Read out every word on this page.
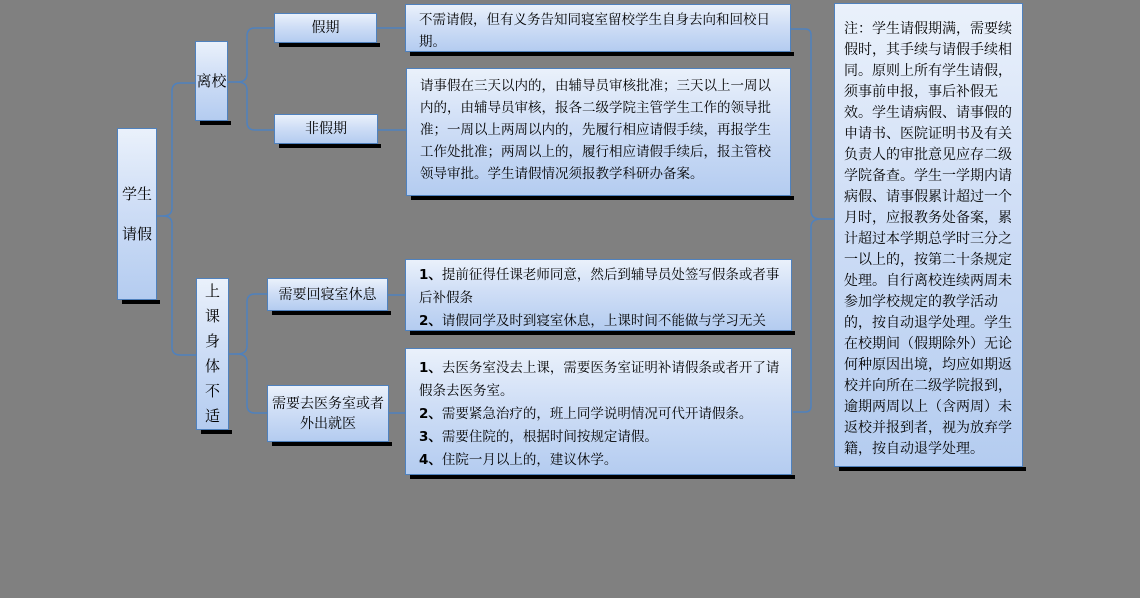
学生请假
离校
上课身体不适
假期
非假期
需要回寝室休息
需要去医务室或者外出就医
不需请假，但有义务告知同寝室留校学生自身去向和回校日期。
请事假在三天以内的，由辅导员审核批准；三天以上一周以内的，由辅导员审核，报各二级学院主管学生工作的领导批准；一周以上两周以内的，先履行相应请假手续，再报学生工作处批准；两周以上的，履行相应请假手续后，报主管校领导审批。学生请假情况须报教学科研办备案。
1、提前征得任课老师同意，然后到辅导员处签写假条或者事后补假条
2、请假同学及时到寝室休息，上课时间不能做与学习无关
1、去医务室没去上课，需要医务室证明补请假条或者开了请假条去医务室。
2、需要紧急治疗的，班上同学说明情况可代开请假条。
3、需要住院的，根据时间按规定请假。
4、住院一月以上的，建议休学。
注：学生请假期满，需要续假时，其手续与请假手续相同。原则上所有学生请假，须事前申报，事后补假无效。学生请病假、请事假的申请书、医院证明书及有关负责人的审批意见应存二级学院备查。学生一学期内请病假、请事假累计超过一个月时，应报教务处备案，累计超过本学期总学时三分之一以上的，按第二十条规定处理。自行离校连续两周未参加学校规定的教学活动的，按自动退学处理。学生在校期间（假期除外）无论何种原因出境，均应如期返校并向所在二级学院报到，逾期两周以上（含两周）未返校并报到者，视为放弃学籍，按自动退学处理。
